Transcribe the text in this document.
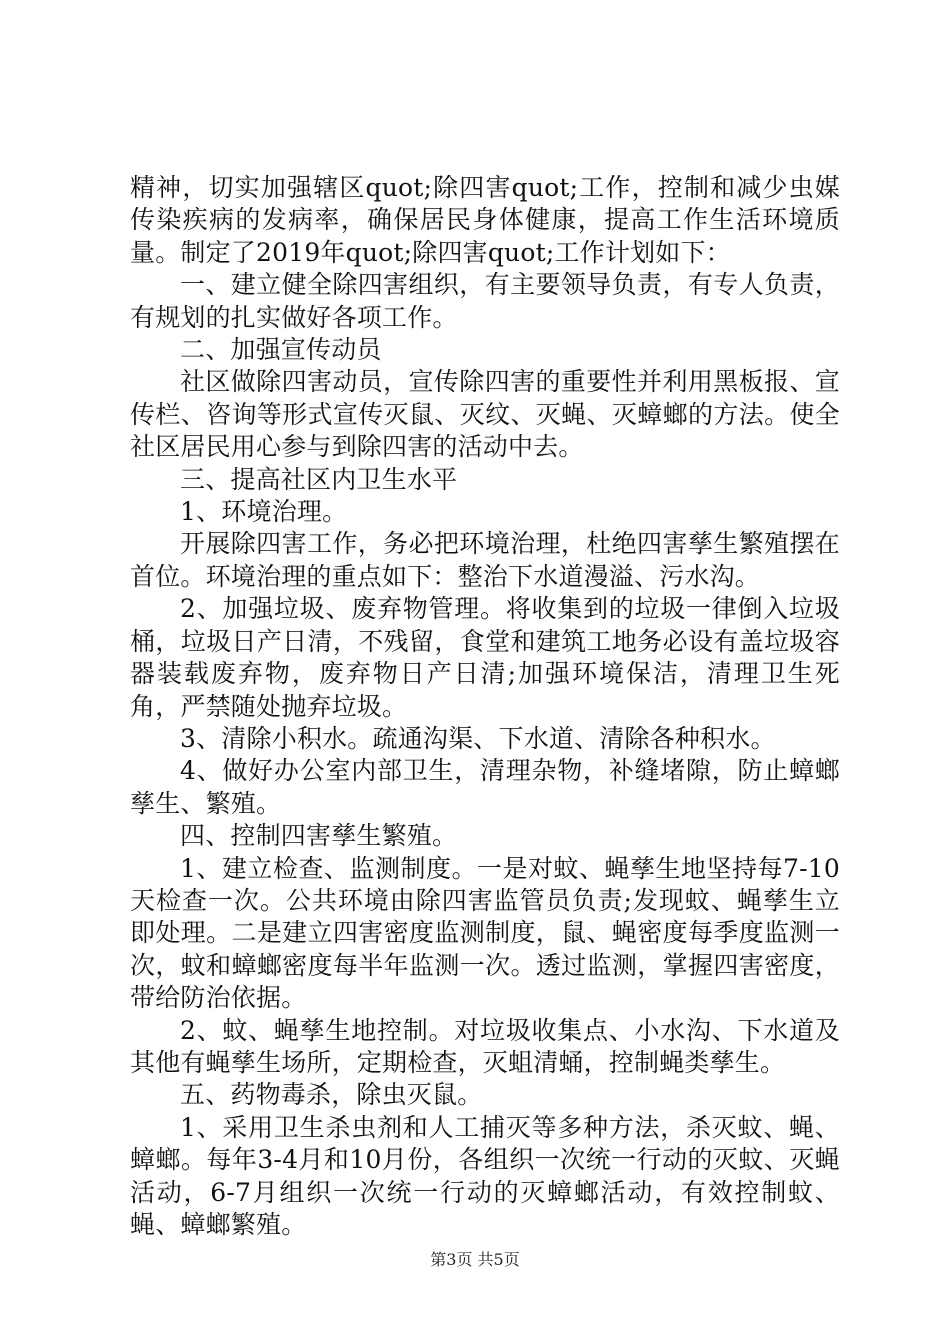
精神，切实加强辖区quot;除四害quot;工作，控制和减少虫媒传染疾病的发病率，确保居民身体健康，提高工作生活环境质量。制定了2019年quot;除四害quot;工作计划如下：

一、建立健全除四害组织，有主要领导负责，有专人负责，有规划的扎实做好各项工作。

二、加强宣传动员

社区做除四害动员，宣传除四害的重要性并利用黑板报、宣传栏、咨询等形式宣传灭鼠、灭纹、灭蝇、灭蟑螂的方法。使全社区居民用心参与到除四害的活动中去。

三、提高社区内卫生水平

1、环境治理。

开展除四害工作，务必把环境治理，杜绝四害孳生繁殖摆在首位。环境治理的重点如下：整治下水道漫溢、污水沟。

2、加强垃圾、废弃物管理。将收集到的垃圾一律倒入垃圾桶，垃圾日产日清，不残留，食堂和建筑工地务必设有盖垃圾容器装载废弃物，废弃物日产日清;加强环境保洁，清理卫生死角，严禁随处抛弃垃圾。

3、清除小积水。疏通沟渠、下水道、清除各种积水。

4、做好办公室内部卫生，清理杂物，补缝堵隙，防止蟑螂孳生、繁殖。

四、控制四害孳生繁殖。

1、建立检查、监测制度。一是对蚊、蝇孳生地坚持每7-10天检查一次。公共环境由除四害监管员负责;发现蚊、蝇孳生立即处理。二是建立四害密度监测制度，鼠、蝇密度每季度监测一次，蚊和蟑螂密度每半年监测一次。透过监测，掌握四害密度，带给防治依据。

2、蚊、蝇孳生地控制。对垃圾收集点、小水沟、下水道及其他有蝇孳生场所，定期检查，灭蛆清蛹，控制蝇类孳生。

五、药物毒杀，除虫灭鼠。

1、采用卫生杀虫剂和人工捕灭等多种方法，杀灭蚊、蝇、蟑螂。每年3-4月和10月份，各组织一次统一行动的灭蚊、灭蝇活动，6-7月组织一次统一行动的灭蟑螂活动，有效控制蚊、蝇、蟑螂繁殖。

第3页 共5页
